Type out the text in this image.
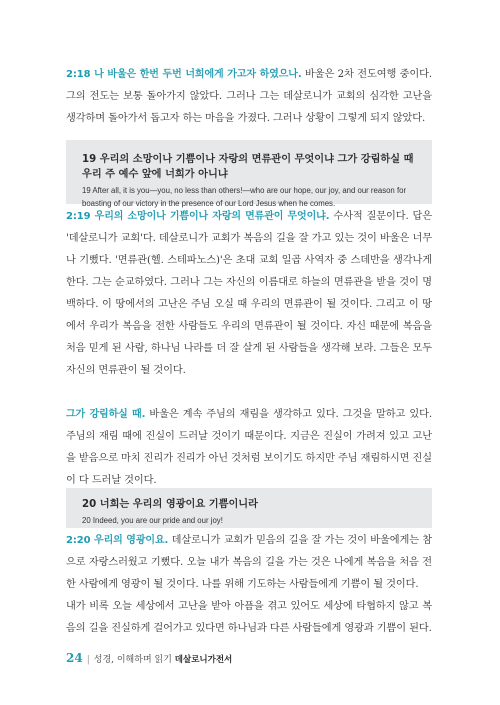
2:18 나 바울은 한번 두번 너희에게 가고자 하였으나. 바울은 2차 전도여행 중이다. 그의 전도는 보통 돌아가지 않았다. 그러나 그는 데살로니가 교회의 심각한 고난을 생각하며 돌아가서 돕고자 하는 마음을 가졌다. 그러나 상황이 그렇게 되지 않았다.

19 우리의 소망이나 기쁨이나 자랑의 면류관이 무엇이냐 그가 강림하실 때 우리 주 예수 앞에 너희가 아니냐

19 After all, it is you—you, no less than others!—who are our hope, our joy, and our reason for boasting of our victory in the presence of our Lord Jesus when he comes.

2:19 우리의 소망이나 기쁨이나 자랑의 면류관이 무엇이냐. 수사적 질문이다. 답은 '데살로니가 교회'다. 데살로니가 교회가 복음의 길을 잘 가고 있는 것이 바울은 너무나 기뻤다. '면류관(헬. 스테파노스)'은 초대 교회 일곱 사역자 중 스데반을 생각나게 한다. 그는 순교하였다. 그러나 그는 자신의 이름대로 하늘의 면류관을 받을 것이 명백하다. 이 땅에서의 고난은 주님 오실 때 우리의 면류관이 될 것이다. 그리고 이 땅에서 우리가 복음을 전한 사람들도 우리의 면류관이 될 것이다. 자신 때문에 복음을 처음 믿게 된 사람, 하나님 나라를 더 잘 살게 된 사람들을 생각해 보라. 그들은 모두 자신의 면류관이 될 것이다.

그가 강림하실 때. 바울은 계속 주님의 재림을 생각하고 있다. 그것을 말하고 있다. 주님의 재림 때에 진실이 드러날 것이기 때문이다. 지금은 진실이 가려져 있고 고난을 받음으로 마치 진리가 진리가 아닌 것처럼 보이기도 하지만 주님 재림하시면 진실이 다 드러날 것이다.

20 너희는 우리의 영광이요 기쁨이니라

20 Indeed, you are our pride and our joy!

2:20 우리의 영광이요. 데살로니가 교회가 믿음의 길을 잘 가는 것이 바울에게는 참으로 자랑스러웠고 기뻤다. 오늘 내가 복음의 길을 가는 것은 나에게 복음을 처음 전한 사람에게 영광이 될 것이다. 나를 위해 기도하는 사람들에게 기쁨이 될 것이다.

내가 비록 오늘 세상에서 고난을 받아 아픔을 겪고 있어도 세상에 타협하지 않고 복음의 길을 진실하게 걸어가고 있다면 하나님과 다른 사람들에게 영광과 기쁨이 된다.

24 | 성경, 이해하며 읽기 데살로니가전서
